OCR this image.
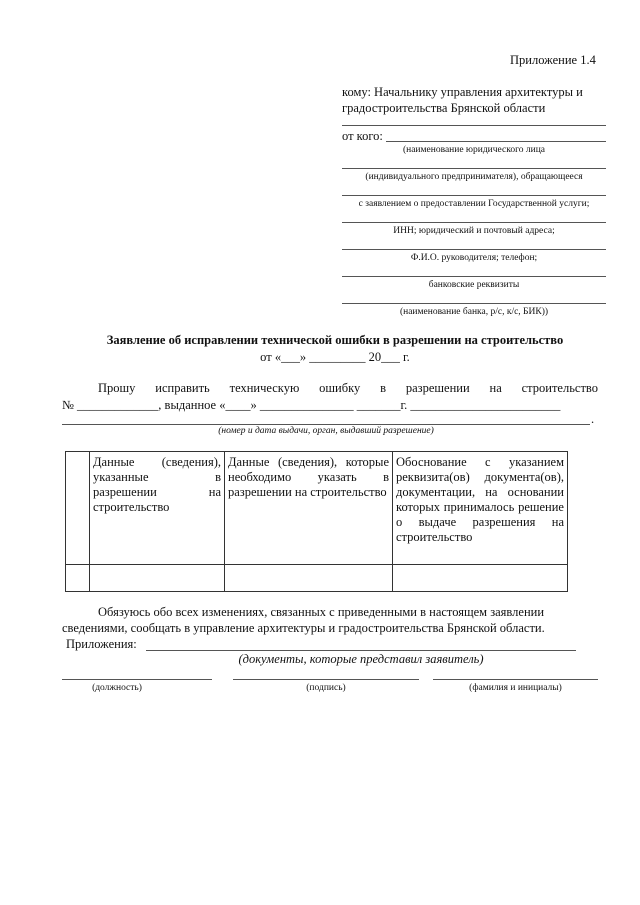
Приложение 1.4
кому: Начальнику управления архитектуры и
градостроительства Брянской области
от кого:
(наименование юридического лица
(индивидуального предпринимателя), обращающееся
с заявлением о предоставлении Государственной услуги;
ИНН; юридический и почтовый адреса;
Ф.И.О. руководителя; телефон;
банковские реквизиты
(наименование банка, р/с, к/с, БИК))
Заявление об исправлении технической ошибки в разрешении на строительство
от «___» _________ 20___ г.
Прошу исправить техническую ошибку в разрешении на строительство
№ _____________, выданное «____» _______________ _______г. ________________________
.
(номер и дата выдачи, орган, выдавший разрешение)
	Данные (сведения), указанные в разрешении на строительство	Данные (сведения), которые необходимо указать в разрешении на строительство	Обоснование с указанием реквизита(ов) документа(ов), документации, на основании которых принималось решение о выдаче разрешения на строительство

Обязуюсь обо всех изменениях, связанных с приведенными в настоящем заявлении
сведениями, сообщать в управление архитектуры и градостроительства Брянской области.
Приложения:
(документы, которые представил заявитель)
(должность)	(подпись)	(фамилия и инициалы)
